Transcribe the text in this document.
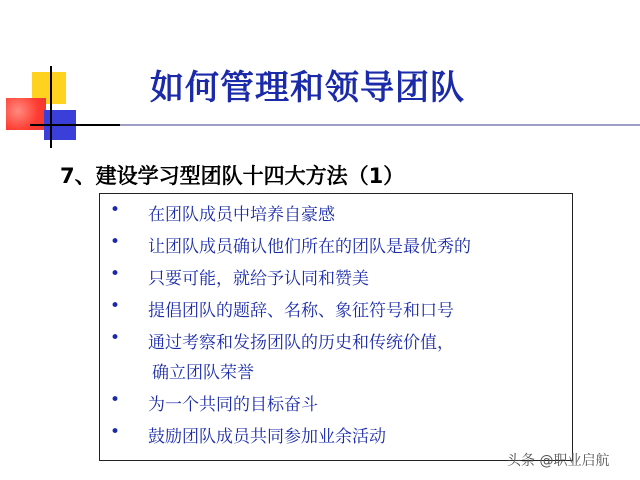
如何管理和领导团队
7、建设学习型团队十四大方法（1）
• 在团队成员中培养自豪感
• 让团队成员确认他们所在的团队是最优秀的
• 只要可能，就给予认同和赞美
• 提倡团队的题辞、名称、象征符号和口号
• 通过考察和发扬团队的历史和传统价值，
确立团队荣誉
• 为一个共同的目标奋斗
• 鼓励团队成员共同参加业余活动
头条 @职业启航
